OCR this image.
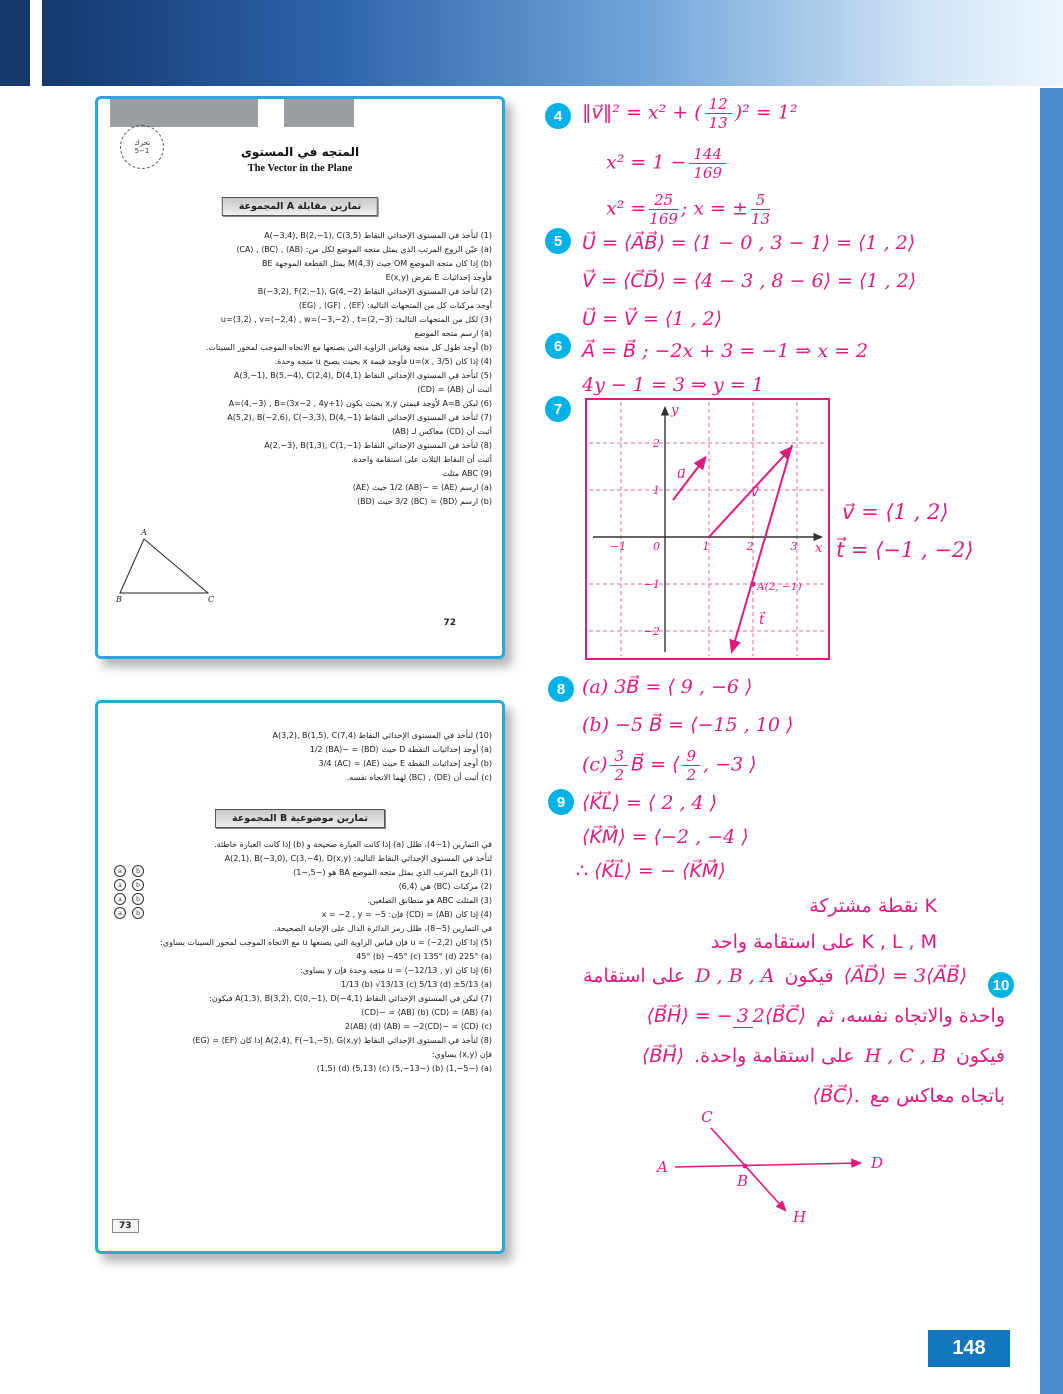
148
تحرك
5−1	المتجه في المستوى
The Vector in the Plane
المجموعة A تمارين مقابلة
(1) لنأخذ في المستوى الإحداثي النقاط A(−3,4), B(2,−1), C(3,5)
(a) عيّن الزوج المرتب الذي يمثل متجه الموضع لكل من: ⟨AB⟩ , ⟨BC⟩ , ⟨CA⟩
(b) إذا كان متجه الموضع OM حيث M(4,3) يمثل القطعة الموجهة BE
فأوجد إحداثيات E بفرض E(x,y)
(2) لنأخذ في المستوى الإحداثي النقاط B(−3,2), F(2,−1), G(4,−2)
أوجد مركبات كل من المتجهات التالية: ⟨EF⟩ , ⟨GF⟩ , ⟨EG⟩
(3) لكل من المتجهات التالية: u=⟨3,2⟩ , v=⟨−2,4⟩ , w=⟨−3,−2⟩ , t=⟨2,−3⟩
(a) ارسم متجه الموضع
(b) أوجد طول كل متجه وقياس الزاوية التي يصنعها مع الاتجاه الموجب لمحور السينات.
(4) إذا كان u=⟨x , 3/5⟩ فأوجد قيمة x بحيث يصبح u متجه وحدة.
(5) لنأخذ في المستوى الإحداثي النقاط A(3,−1), B(5,−4), C(2,4), D(4,1)
أثبت أن ⟨AB⟩ = ⟨CD⟩
(6) ليكن A=B لأوجد قيمتي x,y بحيث يكون A=⟨4,−3⟩ , B=⟨3x−2 , 4y+1⟩
(7) لنأخذ في المستوى الإحداثي النقاط A(5,2), B(−2,6), C(−3,3), D(4,−1)
أثبت أن ⟨CD⟩ معاكس لـ ⟨AB⟩
(8) لنأخذ في المستوى الإحداثي النقاط A(2,−3), B(1,3), C(1,−1)
أثبت أن النقاط الثلاث على استقامة واحدة.
(9) ABC مثلث
(a) ارسم ⟨AE⟩ = −1/2 ⟨AB⟩ حيث ⟨AE⟩
(b) ارسم ⟨BD⟩ = 3/2 ⟨BC⟩ حيث ⟨BD⟩
A
B	C
72
(10) لنأخذ في المستوى الإحداثي النقاط A(3,2), B(1,5), C(7,4)
(a) أوجد إحداثيات النقطة D حيث ⟨BD⟩ = −1/2 ⟨BA⟩
(b) أوجد إحداثيات النقطة E حيث ⟨AE⟩ = 3/4 ⟨AC⟩
(c) أثبت أن ⟨DE⟩ , ⟨BC⟩ لهما الاتجاه نفسه.
المجموعة B تمارين موضوعية
في التمارين (1−4)، ظلل (a) إذا كانت العبارة صحيحة و (b) إذا كانت العبارة خاطئة.
لنأخذ في المستوى الإحداثي النقاط التالية: A(2,1), B(−3,0), C(3,−4), D(x,y)
(1) الزوج المرتب الذي يمثل متجه الموضع BA هو (−5,−1)
(2) مركبات ⟨BC⟩ هي ⟨6,4⟩
(3) المثلث ABC هو متطابق الضلعين.
(4) إذا كان ⟨AB⟩ = ⟨CD⟩ فإن: x = −2 , y = −5
في التمارين (5−8)، ظلل رمز الدائرة الدال على الإجابة الصحيحة.
(5) إذا كان u = ⟨−2,2⟩ فإن قياس الزاوية التي يصنعها u مع الاتجاه الموجب لمحور السينات يساوي:
(a) 45° (b) −45° (c) 135° (d) 225°
(6) إذا كان u = ⟨−12/13 , y⟩ متجه وحدة فإن y يساوي:
(a) 1/13 (b) √13/13 (c) 5/13 (d) ±5/13
(7) ليكن في المستوى الإحداثي النقاط A(1,3), B(3,2), C(0,−1), D(−4,1) فيكون:
(a) ⟨AB⟩ = ⟨CD⟩ (b) ⟨AB⟩ = −⟨CD⟩
(c) ⟨CD⟩ = −2⟨AB⟩ (d) ⟨AB⟩ = −2⟨CD⟩
(8) لنأخذ في المستوى الإحداثي النقاط A(2,4), F(−1,−5), G(x,y) إذا كان ⟨EF⟩ = ⟨EG⟩
فإن (x,y) يساوي:
(a) (−1,−5) (b) (−5,−13) (c) (5,13) (d) (1,5)
a	b
a	b
a	b
a	b
73
4	‖v⃗‖² = x² + ( $\frac{12}{13} )^2 = 1^2$
$x^2 = 1 - \frac{144}{169}$
$x^2 = \frac{25}{169}$ ; x = ± $\frac{5}{13}$
5	U⃗ = ⟨A⃗B⃗⟩ = ⟨1 − 0 , 3 − 1⟩ = ⟨1 , 2⟩
V⃗ = ⟨C⃗D⃗⟩ = ⟨4 − 3 , 8 − 6⟩ = ⟨1 , 2⟩
U⃗ = V⃗ = ⟨1 , 2⟩
6	A⃗ = B⃗ ; −2x + 3 = −1 ⇒ x = 2
4y − 1 = 3 ⇒ y = 1
7	y
x
0
−1	1	2	3
2
1
−1
−2
u⃗
v⃗
t⃗
A(2, −1)
v⃗ = ⟨1 , 2⟩
t⃗ = ⟨−1 , −2⟩
8 (a) 3B⃗ = ⟨ 9 , −6 ⟩
(b) −5 B⃗ = ⟨−15 , 10 ⟩
$(c) \frac{3}{2}$ B⃗ = ⟨ $\frac{9}{2}$ , −3 ⟩
9 ⟨K⃗L⃗⟩ = ⟨ 2 , 4 ⟩
⟨K⃗M⃗⟩ = ⟨−2 , −4 ⟩
∴ ⟨K⃗L⃗⟩ = − ⟨K⃗M⃗⟩
K نقطة مشتركة
K , L , M على استقامة واحد
10
⟨A⃗D⃗⟩ = 3⟨A⃗B⃗⟩ فيكون D , B , A على استقامة
واحدة والاتجاه نفسه، ثم ⟨B⃗H⃗⟩ = − 3 2⟨B⃗C⃗⟩
فيكون H , C , B على استقامة واحدة. ⟨B⃗H⃗⟩
باتجاه معاكس مع ⟨B⃗C⃗⟩.
C
A	D
B
H
